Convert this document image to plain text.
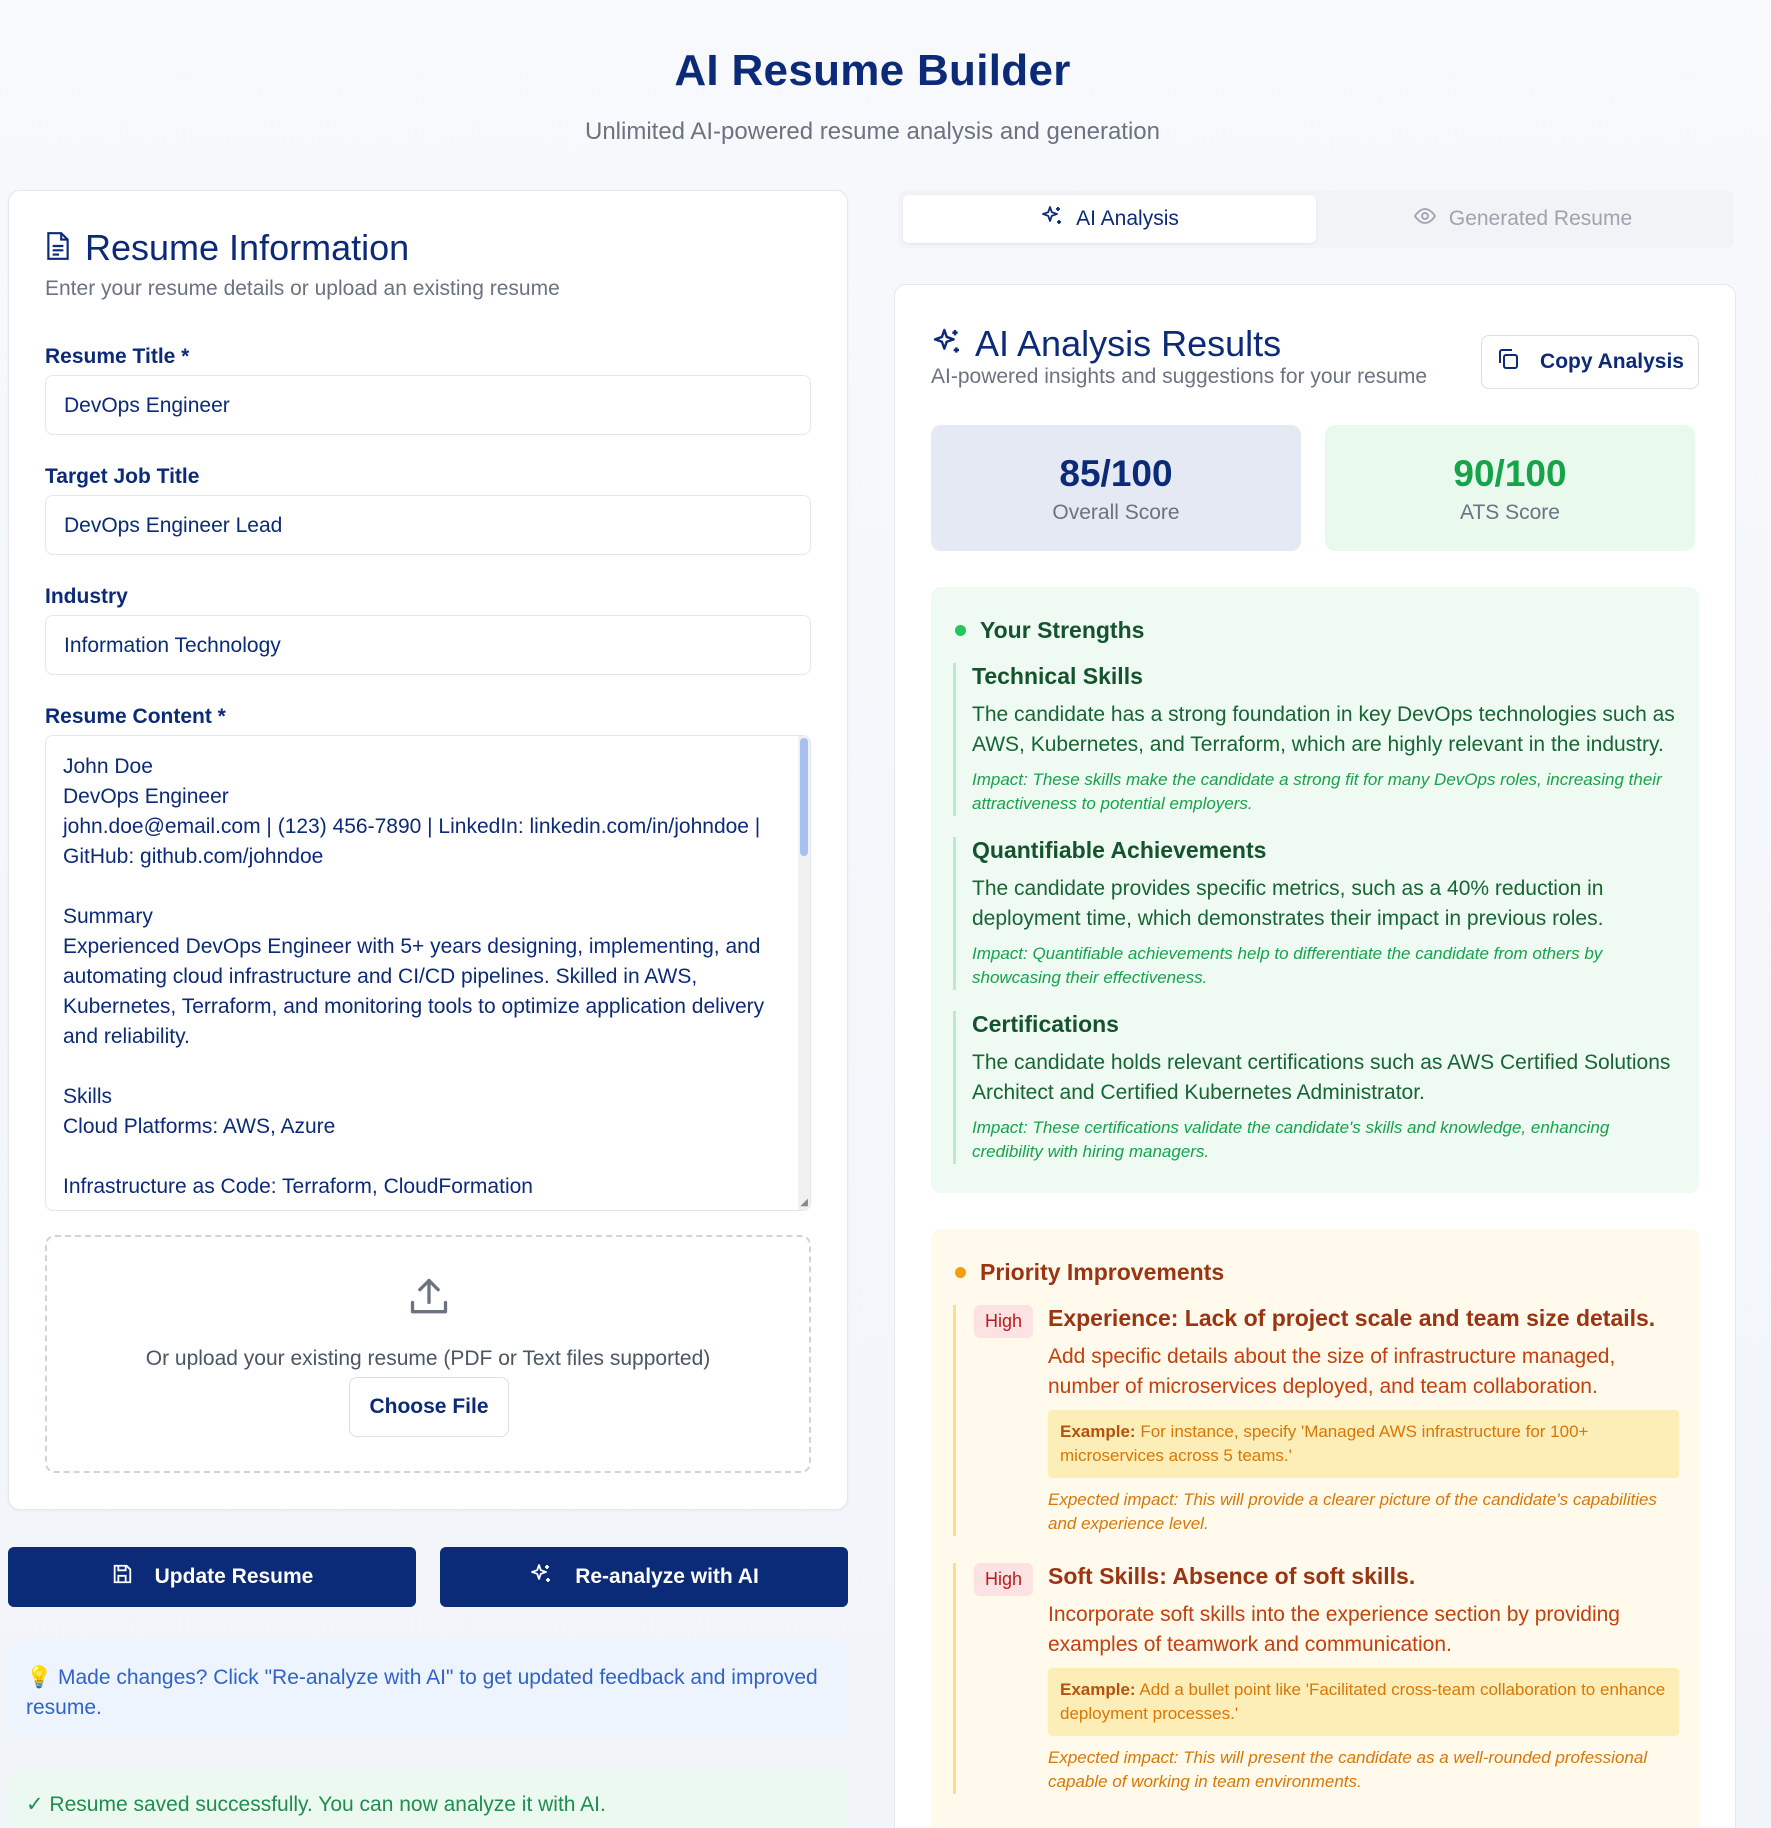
AI Resume Builder

Unlimited AI-powered resume analysis and generation

Resume Information
Enter your resume details or upload an existing resume
Resume Title *
DevOps Engineer
Target Job Title
DevOps Engineer Lead
Industry
Information Technology
Resume Content *
John Doe
DevOps Engineer
john.doe@email.com | (123) 456-7890 | LinkedIn: linkedin.com/in/johndoe |
GitHub: github.com/johndoe

Summary
Experienced DevOps Engineer with 5+ years designing, implementing, and
automating cloud infrastructure and CI/CD pipelines. Skilled in AWS,
Kubernetes, Terraform, and monitoring tools to optimize application delivery
and reliability.

Skills
Cloud Platforms: AWS, Azure

Infrastructure as Code: Terraform, CloudFormation
◢
Or upload your existing resume (PDF or Text files supported)
Choose File
Update Resume	Re-analyze with AI
💡 Made changes? Click "Re-analyze with AI" to get updated feedback and improved resume.
✓ Resume saved successfully. You can now analyze it with AI.
AI Analysis	Generated Resume
AI Analysis Results
AI-powered insights and suggestions for your resume
Copy Analysis
85/100
Overall Score
90/100
ATS Score
Your Strengths
Technical Skills
The candidate has a strong foundation in key DevOps technologies such as AWS, Kubernetes, and Terraform, which are highly relevant in the industry.
Impact: These skills make the candidate a strong fit for many DevOps roles, increasing their attractiveness to potential employers.
Quantifiable Achievements
The candidate provides specific metrics, such as a 40% reduction in deployment time, which demonstrates their impact in previous roles.
Impact: Quantifiable achievements help to differentiate the candidate from others by showcasing their effectiveness.
Certifications
The candidate holds relevant certifications such as AWS Certified Solutions Architect and Certified Kubernetes Administrator.
Impact: These certifications validate the candidate's skills and knowledge, enhancing credibility with hiring managers.
Priority Improvements
High	Experience: Lack of project scale and team size details.
Add specific details about the size of infrastructure managed, number of microservices deployed, and team collaboration.
Example: For instance, specify 'Managed AWS infrastructure for 100+ microservices across 5 teams.'
Expected impact: This will provide a clearer picture of the candidate's capabilities and experience level.
High	Soft Skills: Absence of soft skills.
Incorporate soft skills into the experience section by providing examples of teamwork and communication.
Example: Add a bullet point like 'Facilitated cross-team collaboration to enhance deployment processes.'
Expected impact: This will present the candidate as a well-rounded professional capable of working in team environments.
